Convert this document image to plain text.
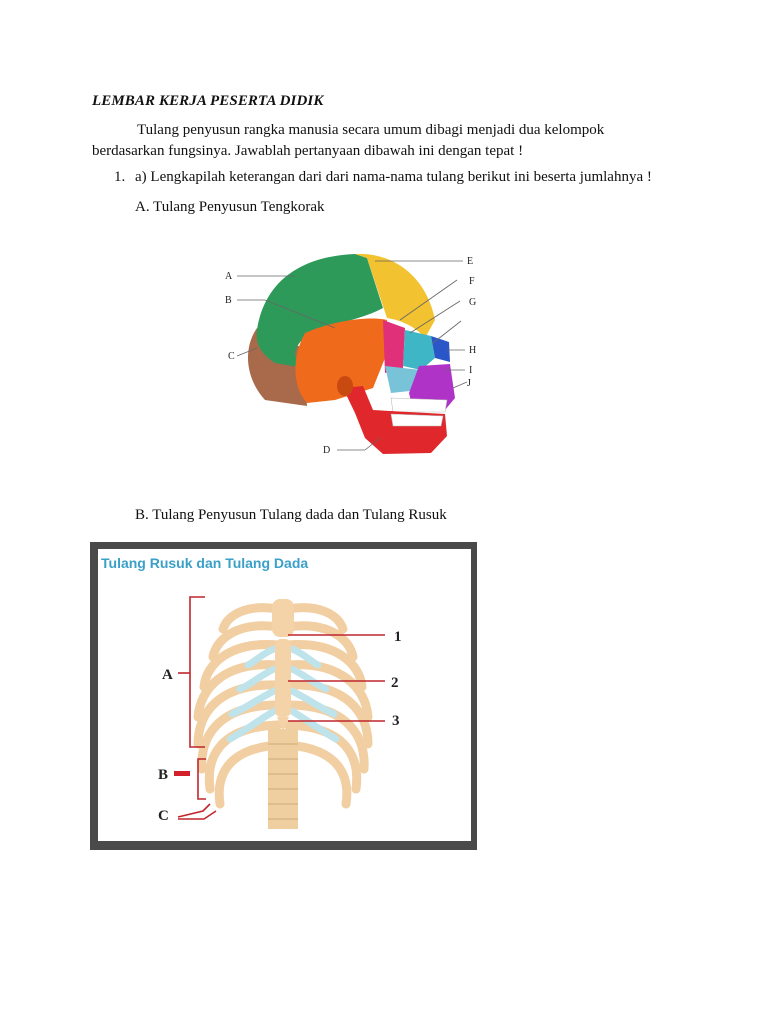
LEMBAR KERJA PESERTA DIDIK
Tulang penyusun rangka manusia secara umum dibagi menjadi dua kelompok
berdasarkan fungsinya. Jawablah pertanyaan dibawah ini dengan tepat !
1. a) Lengkapilah keterangan dari dari nama-nama tulang berikut ini beserta jumlahnya !
A. Tulang Penyusun Tengkorak
A
B
C
D
E
F
G
H
I
J
B. Tulang Penyusun Tulang dada dan Tulang Rusuk
Tulang Rusuk dan Tulang Dada
A
B
C
1
2
3
